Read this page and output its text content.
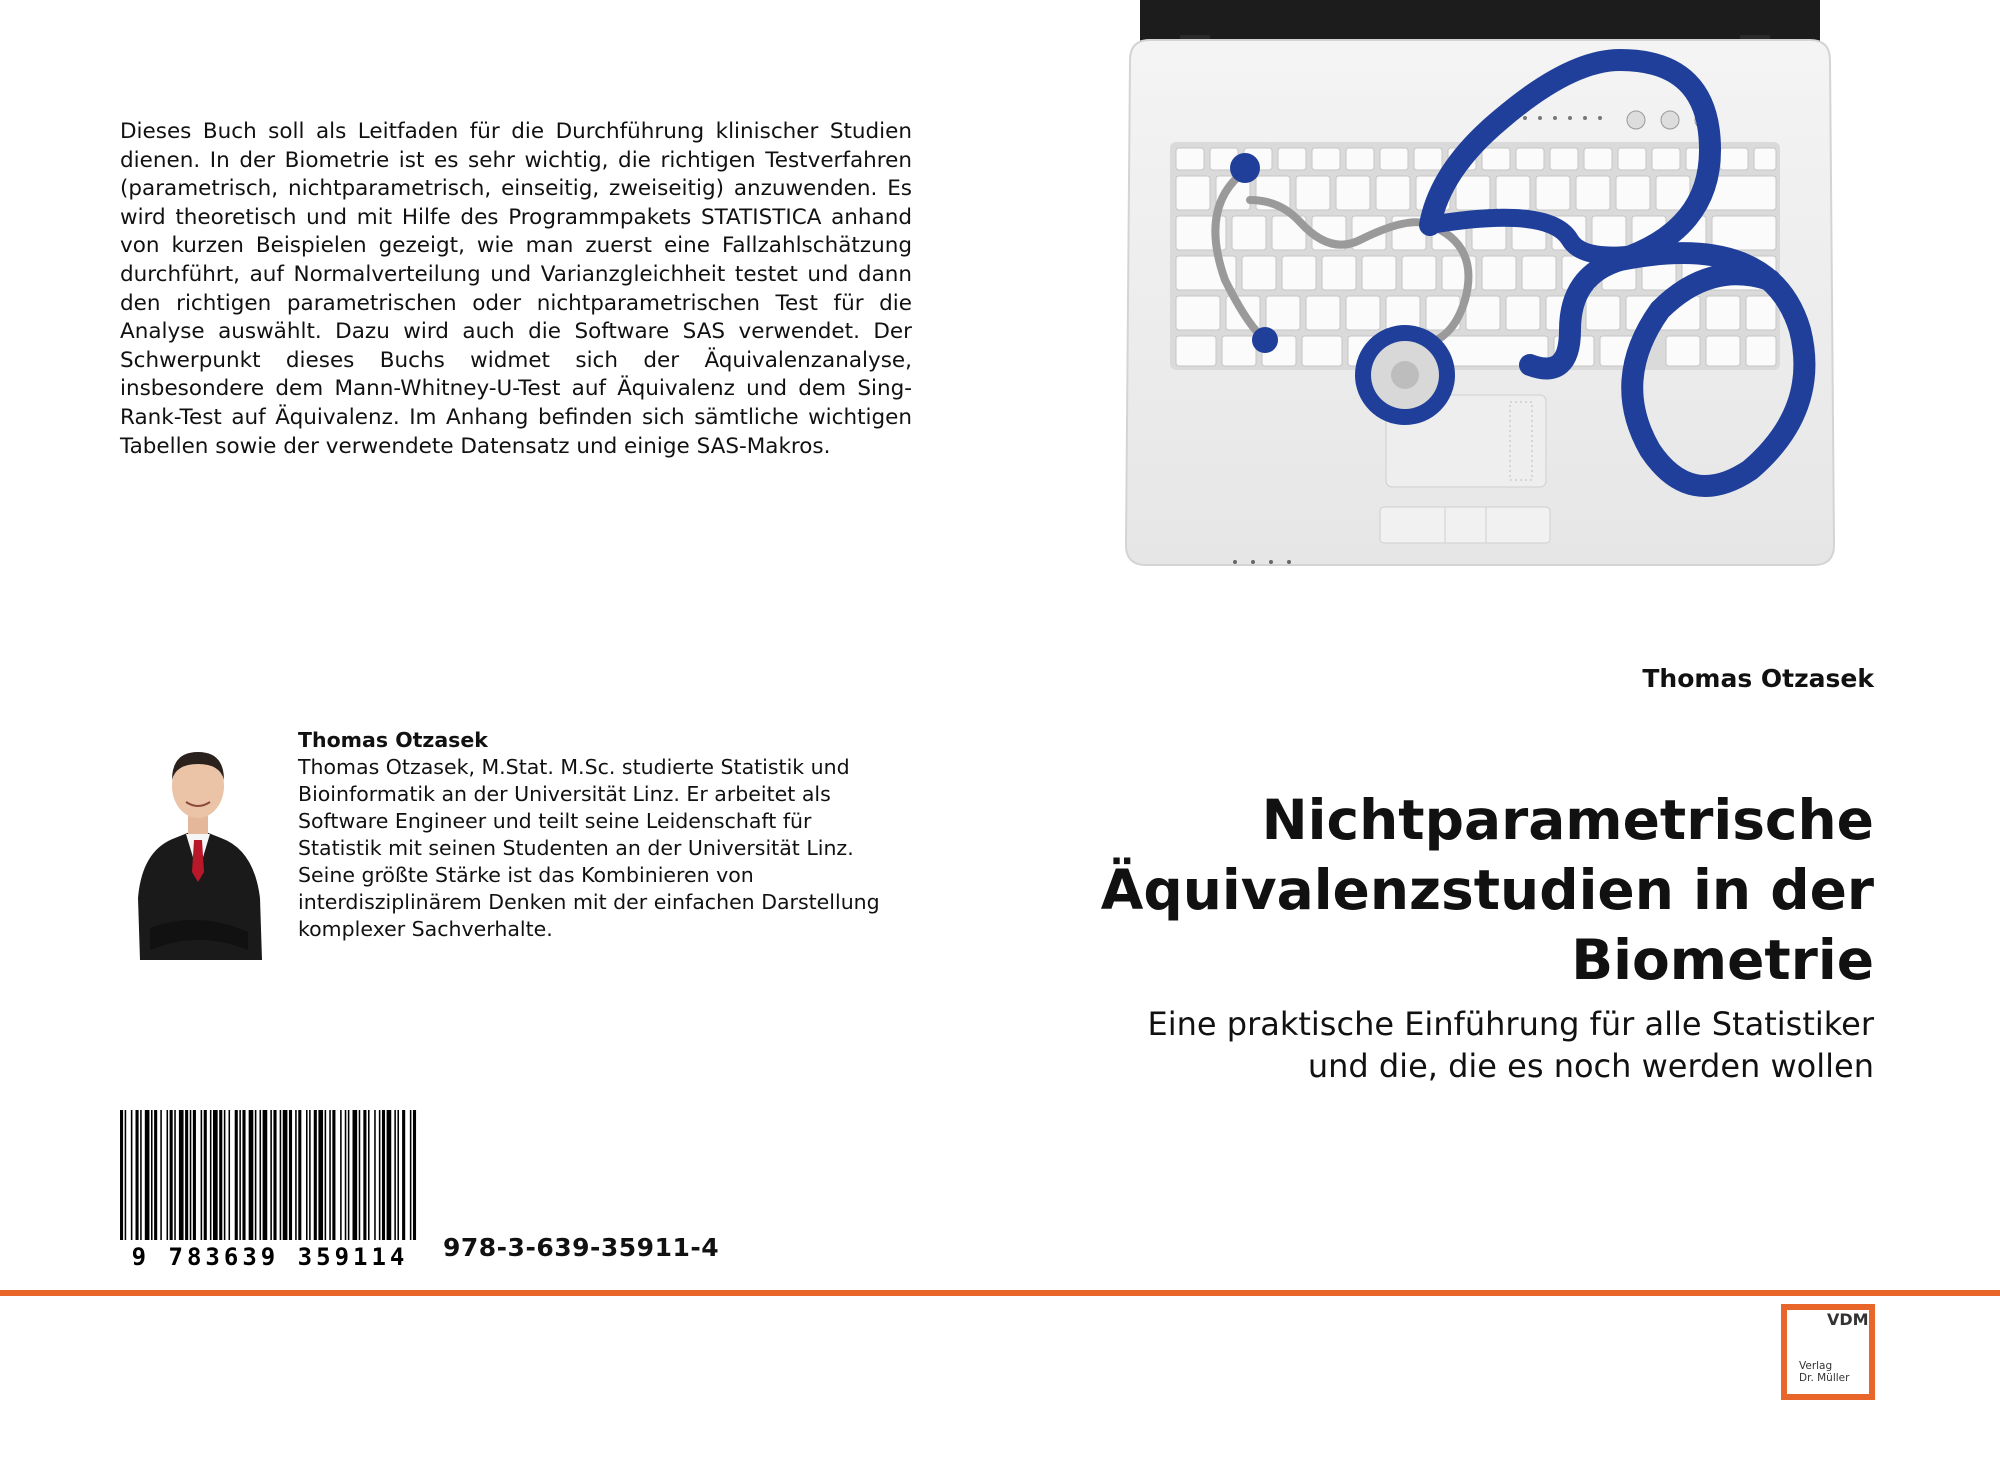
Dieses Buch soll als Leitfaden für die Durchführung klinischer Studien dienen. In der Biometrie ist es sehr wichtig, die richtigen Testverfahren (parametrisch, nichtparametrisch, einseitig, zweiseitig) anzuwenden. Es wird theoretisch und mit Hilfe des Programmpakets STATISTICA anhand von kurzen Beispielen gezeigt, wie man zuerst eine Fallzahlschätzung durchführt, auf Normalverteilung und Varianzgleichheit testet und dann den richtigen parametrischen oder nichtparametrischen Test für die Analyse auswählt. Dazu wird auch die Software SAS verwendet. Der Schwerpunkt dieses Buchs widmet sich der Äquivalenzanalyse, insbesondere dem Mann-Whitney-U-Test auf Äquivalenz und dem Sing-Rank-Test auf Äquivalenz. Im Anhang befinden sich sämtliche wichtigen Tabellen sowie der verwendete Datensatz und einige SAS-Makros.

Thomas Otzasek

Thomas Otzasek

Thomas Otzasek, M.Stat. M.Sc. studierte Statistik und Bioinformatik an der Universität Linz. Er arbeitet als Software Engineer und teilt seine Leidenschaft für Statistik mit seinen Studenten an der Universität Linz. Seine größte Stärke ist das Kombinieren von interdisziplinärem Denken mit der einfachen Darstellung komplexer Sachverhalte.

Nichtparametrische
Äquivalenzstudien in der
Biometrie
Eine praktische Einführung für alle Statistiker
und die, die es noch werden wollen
9 783639 359114 978-3-639-35911-4

VDM

Verlag
Dr. Müller
